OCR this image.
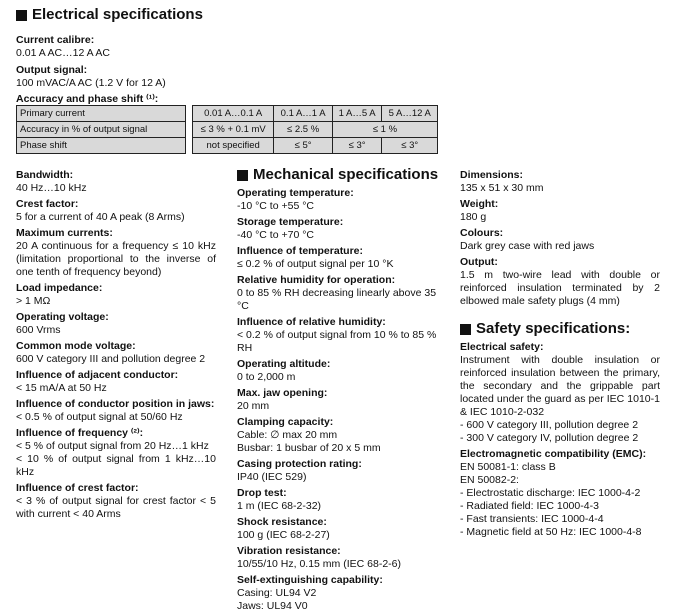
Electrical specifications
Current calibre:
0.01 A AC…12 A AC
Output signal:
100 mVAC/A AC (1.2 V for 12 A)
Accuracy and phase shift ⁽¹⁾:
Primary current		0.01 A…0.1 A	0.1 A…1 A	1 A…5 A	5 A…12 A
Accuracy in % of output signal		≤ 3 % + 0.1 mV	≤ 2.5 %	≤ 1 %	
Phase shift		not specified	≤ 5°	≤ 3°	≤ 3°
Bandwidth:
40 Hz…10 kHz
Crest factor:
5 for a current of 40 A peak (8 Arms)
Maximum currents:
20 A continuous for a frequency ≤ 10 kHz (limitation proportional to the inverse of one tenth of frequency beyond)
Load impedance:
> 1 MΩ
Operating voltage:
600 Vrms
Common mode voltage:
600 V category III and pollution degree 2
Influence of adjacent conductor:
< 15 mA/A at 50 Hz
Influence of conductor position in jaws:
< 0.5 % of output signal at 50/60 Hz
Influence of frequency ⁽²⁾:
< 5 % of output signal from 20 Hz…1 kHz
< 10 % of output signal from 1 kHz…10 kHz
Influence of crest factor:
< 3 % of output signal for crest factor < 5 with current < 40 Arms
Mechanical specifications
Operating temperature:
-10 °C to +55 °C
Storage temperature:
-40 °C to +70 °C
Influence of temperature:
≤ 0.2 % of output signal per 10 °K
Relative humidity for operation:
0 to 85 % RH decreasing linearly above 35 °C
Influence of relative humidity:
< 0.2 % of output signal from 10 % to 85 % RH
Operating altitude:
0 to 2,000 m
Max. jaw opening:
20 mm
Clamping capacity:
Cable: ∅ max 20 mm
Busbar: 1 busbar of 20 x 5 mm
Casing protection rating:
IP40 (IEC 529)
Drop test:
1 m (IEC 68-2-32)
Shock resistance:
100 g (IEC 68-2-27)
Vibration resistance:
10/55/10 Hz, 0.15 mm (IEC 68-2-6)
Self-extinguishing capability:
Casing: UL94 V2
Jaws: UL94 V0
Dimensions:
135 x 51 x 30 mm
Weight:
180 g
Colours:
Dark grey case with red jaws
Output:
1.5 m two-wire lead with double or reinforced insulation terminated by 2 elbowed male safety plugs (4 mm)
Safety specifications:
Electrical safety:
Instrument with double insulation or reinforced insulation between the primary, the secondary and the grippable part located under the guard as per IEC 1010-1 & IEC 1010-2-032
- 600 V category III, pollution degree 2
- 300 V category IV, pollution degree 2
Electromagnetic compatibility (EMC):
EN 50081-1: class B
EN 50082-2:
- Electrostatic discharge: IEC 1000-4-2
- Radiated field: IEC 1000-4-3
- Fast transients: IEC 1000-4-4
- Magnetic field at 50 Hz: IEC 1000-4-8
